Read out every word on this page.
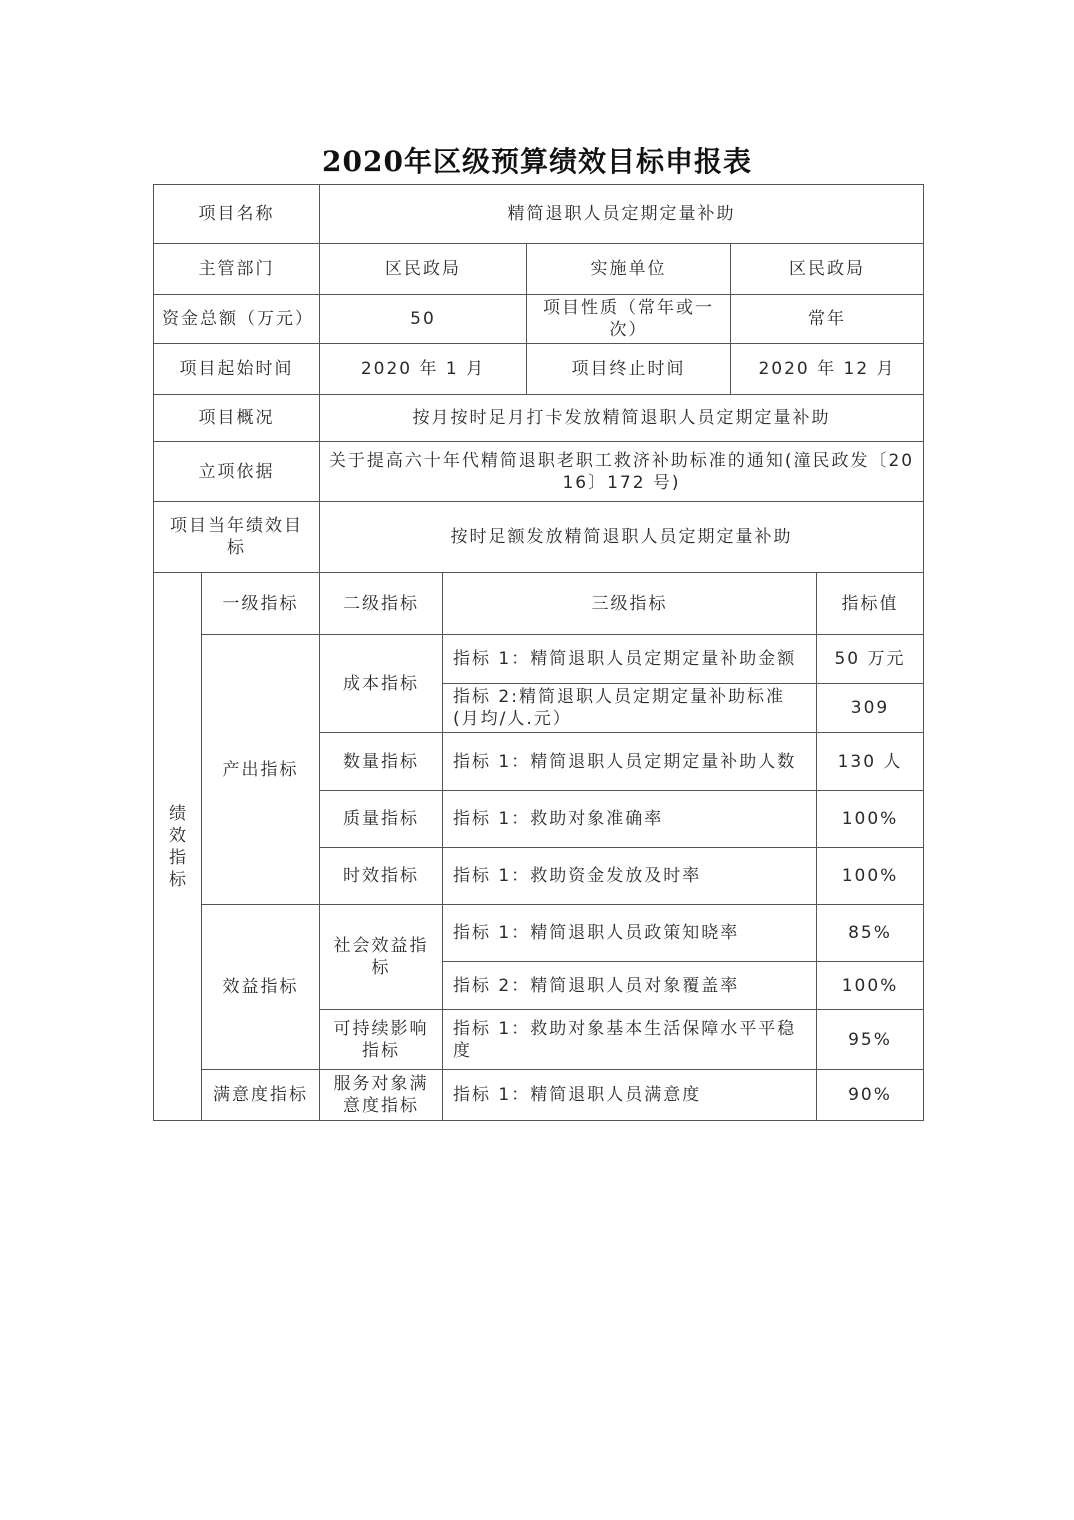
2020年区级预算绩效目标申报表
项目名称		精简退职人员定期定量补助				
主管部门		区民政局		实施单位	区民政局	
资金总额（万元）		50		项目性质（常年或一次）	常年	
项目起始时间		2020 年 1 月		项目终止时间	2020 年 12 月	
项目概况		按月按时足月打卡发放精简退职人员定期定量补助				
立项依据		关于提高六十年代精简退职老职工救济补助标准的通知(潼民政发〔2016〕172 号)				
项目当年绩效目标		按时足额发放精简退职人员定期定量补助				

绩
效
指
标	一级指标	二级指标	三级指标			指标值
	产出指标	成本指标	指标 1：精简退职人员定期定量补助金额			50 万元
			指标 2:精简退职人员定期定量补助标准(月均/人.元）			309
		数量指标	指标 1：精简退职人员定期定量补助人数			130 人
		质量指标	指标 1：救助对象准确率			100%
		时效指标	指标 1：救助资金发放及时率			100%
	效益指标	社会效益指标	指标 1：精简退职人员政策知晓率			85%
			指标 2：精简退职人员对象覆盖率			100%
		可持续影响指标	指标 1：救助对象基本生活保障水平平稳度			95%
	满意度指标	服务对象满意度指标	指标 1：精简退职人员满意度			90%
